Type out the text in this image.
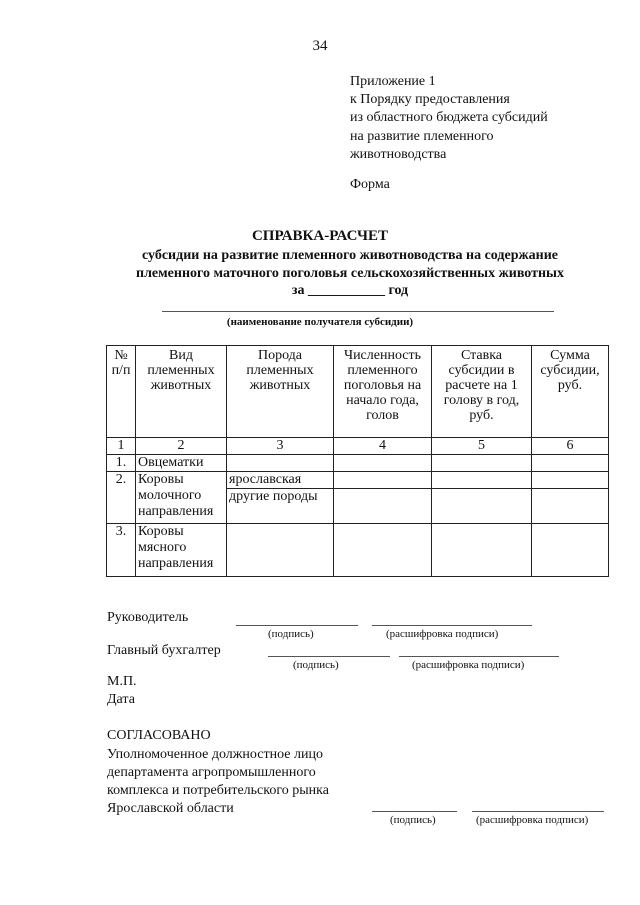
34
Приложение 1
к Порядку предоставления
из областного бюджета субсидий
на развитие племенного
животноводства
Форма
СПРАВКА-РАСЧЕТ
субсидии на развитие племенного животноводства на содержание
племенного маточного поголовья сельскохозяйственных животных
за ___________ год
(наименование получателя субсидии)
№ п/п	Вид племенных животных	Порода племенных животных	Численность племенного поголовья на начало года, голов	Ставка субсидии в расчете на 1 голову в год, руб.	Сумма субсидии, руб.
1	2	3	4	5	6
1.	Овцематки				
2.	Коровы молочного направления	ярославская			
		другие породы			
3.	Коровы мясного направления				
Руководитель
(подпись)	(расшифровка подписи)
Главный бухгалтер
(подпись)	(расшифровка подписи)
М.П.
Дата
СОГЛАСОВАНО
Уполномоченное должностное лицо
департамента агропромышленного
комплекса и потребительского рынка
Ярославской области
(подпись)	(расшифровка подписи)
